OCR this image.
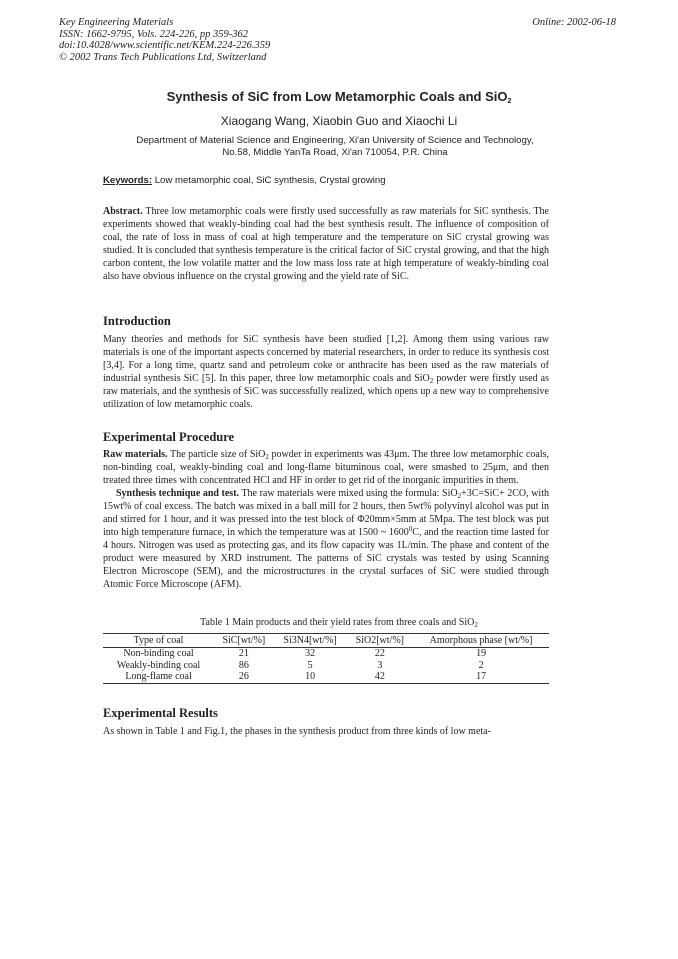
Key Engineering Materials
ISSN: 1662-9795, Vols. 224-226, pp 359-362
doi:10.4028/www.scientific.net/KEM.224-226.359
© 2002 Trans Tech Publications Ltd, Switzerland
Online: 2002-06-18
Synthesis of SiC from Low Metamorphic Coals and SiO$_2$
Xiaogang Wang, Xiaobin Guo and Xiaochi Li
Department of Material Science and Engineering, Xi'an University of Science and Technology,
No.58, Middle YanTa Road, Xi'an 710054, P.R. China
Keywords: Low metamorphic coal, SiC synthesis, Crystal growing

Abstract. Three low metamorphic coals were firstly used successfully as raw materials for SiC synthesis. The experiments showed that weakly-binding coal had the best synthesis result. The influence of composition of coal, the rate of loss in mass of coal at high temperature and the temperature on SiC crystal growing was studied. It is concluded that synthesis temperature is the critical factor of SiC crystal growing, and that the high carbon content, the low volatile matter and the low mass loss rate at high temperature of weakly-binding coal also have obvious influence on the crystal growing and the yield rate of SiC.

Introduction

Many theories and methods for SiC synthesis have been studied [1,2]. Among them using various raw materials is one of the important aspects concerned by material researchers, in order to reduce its synthesis cost [3,4]. For a long time, quartz sand and petroleum coke or anthracite has been used as the raw materials of industrial synthesis SiC [5]. In this paper, three low metamorphic coals and SiO$_2$ powder were firstly used as raw materials, and the synthesis of SiC was successfully realized, which opens up a new way to comprehensive utilization of low metamorphic coals.

Experimental Procedure

Raw materials. The particle size of SiO$_2$ powder in experiments was 43μm. The three low metamorphic coals, non-binding coal, weakly-binding coal and long-flame bituminous coal, were smashed to 25μm, and then treated three times with concentrated HCl and HF in order to get rid of the inorganic impurities in them.

Synthesis technique and test. The raw materials were mixed using the formula: SiO$_2$+3C=SiC+ 2CO, with 15wt% of coal excess. The batch was mixed in a ball mill for 2 hours, then 5wt% polyvinyl alcohol was put in and stirred for 1 hour, and it was pressed into the test block of Φ20mm×5mm at 5Mpa. The test block was put into high temperature furnace, in which the temperature was at 1500 ~ 1600$^0$C, and the reaction time lasted for 4 hours. Nitrogen was used as protecting gas, and its flow capacity was 1L/min. The phase and content of the product were measured by XRD instrument. The patterns of SiC crystals was tested by using Scanning Electron Microscope (SEM), and the microstructures in the crystal surfaces of SiC were studied through Atomic Force Microscope (AFM).

Table 1 Main products and their yield rates from three coals and SiO$_2$
Type of coal	SiC[wt/%]	Si3N4[wt/%]	SiO2[wt/%]	Amorphous phase [wt/%]
Non-binding coal	21	32	22	19
Weakly-binding coal	86	5	3	2
Long-flame coal	26	10	42	17
Experimental Results

As shown in Table 1 and Fig.1, the phases in the synthesis product from three kinds of low meta-
